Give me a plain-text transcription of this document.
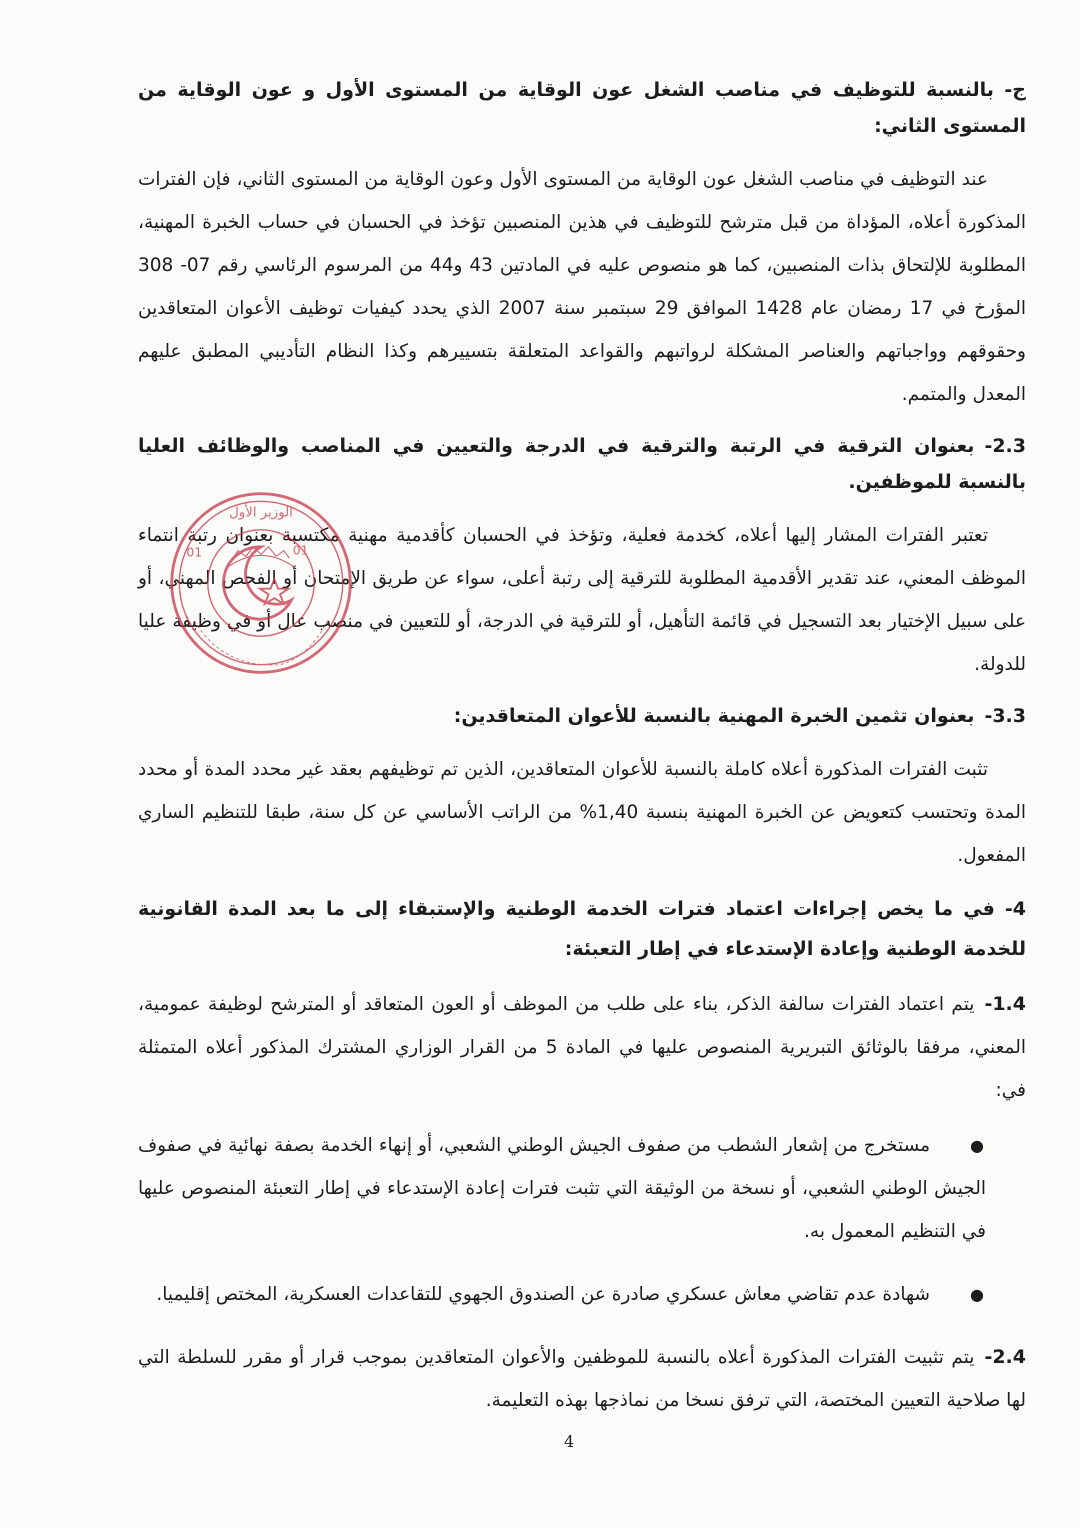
ج- بالنسبة للتوظيف في مناصب الشغل عون الوقاية من المستوى الأول و عون الوقاية من المستوى الثاني:

عند التوظيف في مناصب الشغل عون الوقاية من المستوى الأول وعون الوقاية من المستوى الثاني، فإن الفترات المذكورة أعلاه، المؤداة من قبل مترشح للتوظيف في هذين المنصبين تؤخذ في الحسبان في حساب الخبرة المهنية، المطلوبة للإلتحاق بذات المنصبين، كما هو منصوص عليه في المادتين 43 و44 من المرسوم الرئاسي رقم 07- 308 المؤرخ في 17 رمضان عام 1428 الموافق 29 سبتمبر سنة 2007 الذي يحدد كيفيات توظيف الأعوان المتعاقدين وحقوقهم وواجباتهم والعناصر المشكلة لرواتبهم والقواعد المتعلقة بتسييرهم وكذا النظام التأديبي المطبق عليهم المعدل والمتمم.

2.3-بعنوان الترقية في الرتبة والترقية في الدرجة والتعيين في المناصب والوظائف العليا بالنسبة للموظفين.

تعتبر الفترات المشار إليها أعلاه، كخدمة فعلية، وتؤخذ في الحسبان كأقدمية مهنية مكتسبة بعنوان رتبة انتماء الموظف المعني، عند تقدير الأقدمية المطلوبة للترقية إلى رتبة أعلى، سواء عن طريق الإمتحان أو الفحص المهني، أو على سبيل الإختيار بعد التسجيل في قائمة التأهيل، أو للترقية في الدرجة، أو للتعيين في منصب عال أو في وظيفة عليا للدولة.

3.3-بعنوان تثمين الخبرة المهنية بالنسبة للأعوان المتعاقدين:

تثبت الفترات المذكورة أعلاه كاملة بالنسبة للأعوان المتعاقدين، الذين تم توظيفهم بعقد غير محدد المدة أو محدد المدة وتحتسب كتعويض عن الخبرة المهنية بنسبة 1,40% من الراتب الأساسي عن كل سنة، طبقا للتنظيم الساري المفعول.

4-في ما يخص إجراءات اعتماد فترات الخدمة الوطنية والإستبقاء إلى ما بعد المدة القانونية للخدمة الوطنية وإعادة الإستدعاء في إطار التعبئة:

1.4-يتم اعتماد الفترات سالفة الذكر، بناء على طلب من الموظف أو العون المتعاقد أو المترشح لوظيفة عمومية، المعني، مرفقا بالوثائق التبريرية المنصوص عليها في المادة 5 من القرار الوزاري المشترك المذكور أعلاه المتمثلة في:

●
مستخرج من إشعار الشطب من صفوف الجيش الوطني الشعبي، أو إنهاء الخدمة بصفة نهائية في صفوف الجيش الوطني الشعبي، أو نسخة من الوثيقة التي تثبت فترات إعادة الإستدعاء في إطار التعبئة المنصوص عليها في التنظيم المعمول به.
●
شهادة عدم تقاضي معاش عسكري صادرة عن الصندوق الجهوي للتقاعدات العسكرية، المختص إقليميا.

2.4-يتم تثبيت الفترات المذكورة أعلاه بالنسبة للموظفين والأعوان المتعاقدين بموجب قرار أو مقرر للسلطة التي لها صلاحية التعيين المختصة، التي ترفق نسخا من نماذجها بهذه التعليمة.

01	01
الوزير الأول
4
